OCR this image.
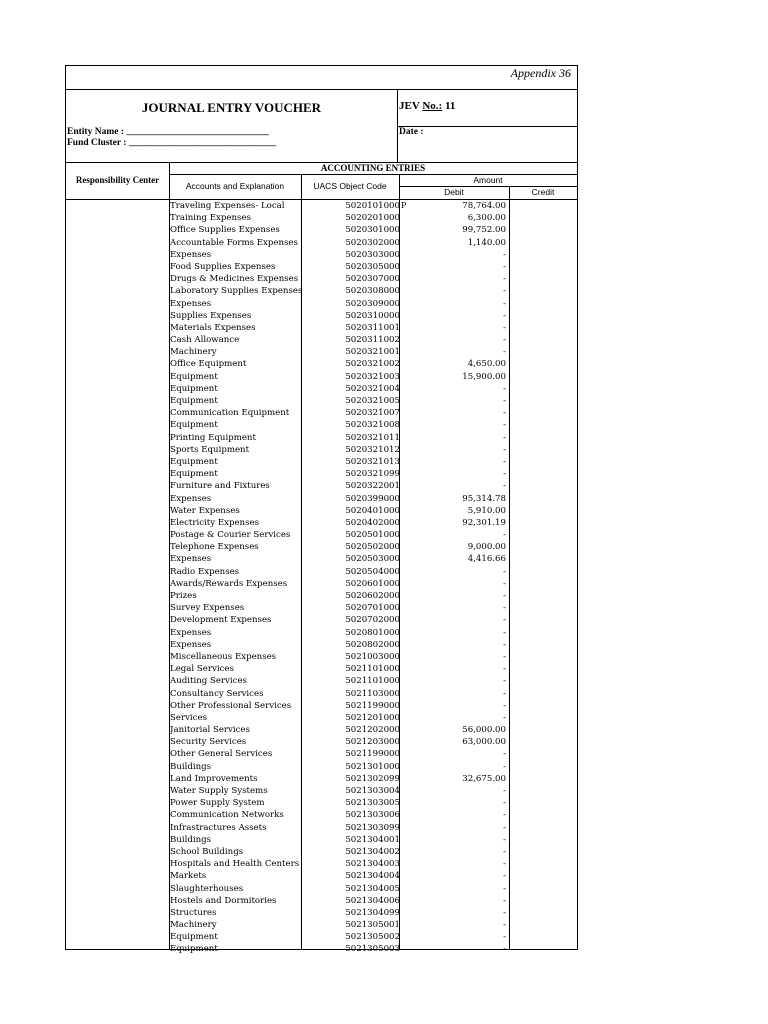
Appendix 36
JOURNAL ENTRY VOUCHER	JEV No.: 11
Entity Name : ______________________________
Fund Cluster : _______________________________
Date :
ACCOUNTING ENTRIES
Responsibility Center
Accounts and Explanation	UACS Object Code
Amount
Debit	Credit
Traveling Expenses- Local	5020101000 P	78,764.00
Training Expenses	5020201000	6,300.00
Office Supplies Expenses	5020301000	99,752.00
Accountable Forms Expenses	5020302000	1,140.00
Expenses	5020303000	-
Food Supplies Expenses	5020305000	-
Drugs & Medicines Expenses	5020307000	-
Laboratory Supplies Expenses	5020308000	-
Expenses	5020309000	-
Supplies Expenses	5020310000	-
Materials Expenses	5020311001	-
Cash Allowance	5020311002	-
Machinery	5020321001	-
Office Equipment	5020321002	4,650.00
Equipment	5020321003	15,900.00
Equipment	5020321004	-
Equipment	5020321005	-
Communication Equipment	5020321007	-
Equipment	5020321008	-
Printing Equipment	5020321011	-
Sports Equipment	5020321012	-
Equipment	5020321013	-
Equipment	5020321099	-
Furniture and Fixtures	5020322001	-
Expenses	5020399000	95,314.78
Water Expenses	5020401000	5,910.00
Electricity Expenses	5020402000	92,301.19
Postage & Courier Services	5020501000	-
Telephone Expenses	5020502000	9,000.00
Expenses	5020503000	4,416.66
Radio Expenses	5020504000	-
Awards/Rewards Expenses	5020601000	-
Prizes	5020602000	-
Survey Expenses	5020701000	-
Development Expenses	5020702000	-
Expenses	5020801000	-
Expenses	5020802000	-
Miscellaneous Expenses	5021003000	-
Legal Services	5021101000	-
Auditing Services	5021101000	-
Consultancy Services	5021103000	-
Other Professional Services	5021199000	-
Services	5021201000	-
Janitorial Services	5021202000	56,000.00
Security Services	5021203000	63,000.00
Other General Services	5021199000	-
Buildings	5021301000	-
Land Improvements	5021302099	32,675.00
Water Supply Systems	5021303004	-
Power Supply System	5021303005	-
Communication Networks	5021303006	-
Infrastractures Assets	5021303099	-
Buildings	5021304001	-
School Buildings	5021304002	-
Hospitals and Health Centers	5021304003	-
Markets	5021304004	-
Slaughterhouses	5021304005	-
Hostels and Dormitories	5021304006	-
Structures	5021304099	-
Machinery	5021305001	-
Equipment	5021305002	-
Equipment	5021305003	-
